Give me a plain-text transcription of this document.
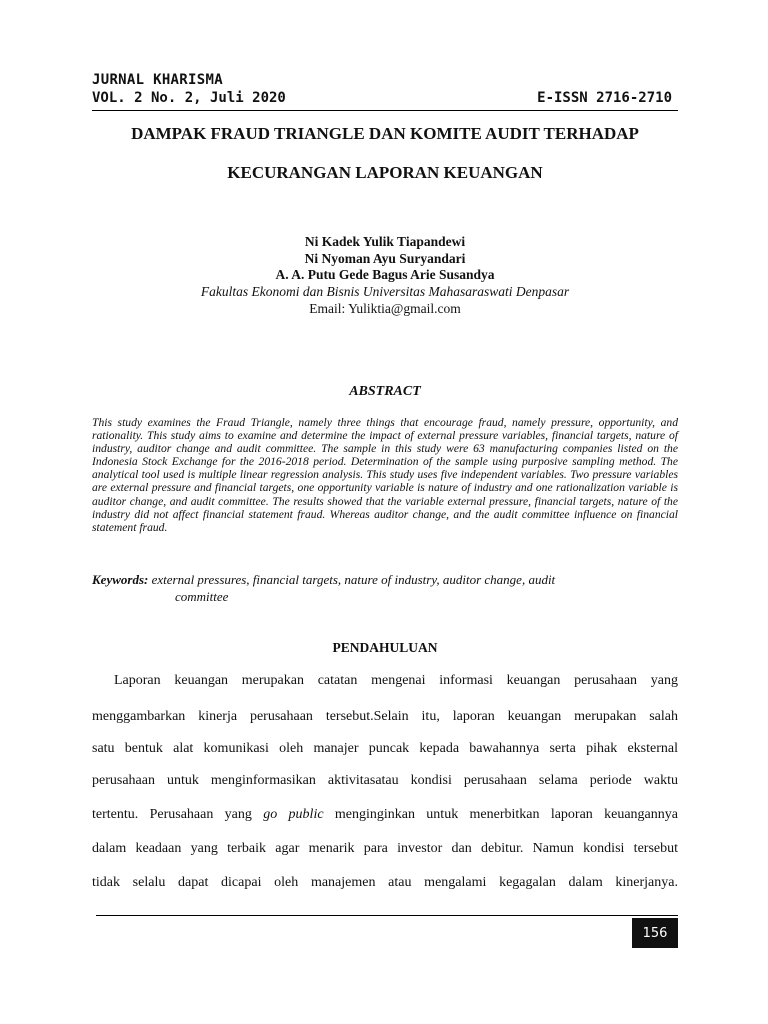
JURNAL KHARISMA
VOL. 2 No. 2, Juli 2020	E-ISSN 2716-2710
DAMPAK FRAUD TRIANGLE DAN KOMITE AUDIT TERHADAP
KECURANGAN LAPORAN KEUANGAN
Ni Kadek Yulik Tiapandewi
Ni Nyoman Ayu Suryandari
A. A. Putu Gede Bagus Arie Susandya
Fakultas Ekonomi dan Bisnis Universitas Mahasaraswati Denpasar
Email: Yuliktia@gmail.com
ABSTRACT

This study examines the Fraud Triangle, namely three things that encourage fraud, namely pressure, opportunity, and rationality. This study aims to examine and determine the impact of external pressure variables, financial targets, nature of industry, auditor change and audit committee. The sample in this study were 63 manufacturing companies listed on the Indonesia Stock Exchange for the 2016-2018 period. Determination of the sample using purposive sampling method. The analytical tool used is multiple linear regression analysis. This study uses five independent variables. Two pressure variables are external pressure and financial targets, one opportunity variable is nature of industry and one rationalization variable is auditor change, and audit committee. The results showed that the variable external pressure, financial targets, nature of the industry did not affect financial statement fraud. Whereas auditor change, and the audit committee influence on financial statement fraud.

Keywords: external pressures, financial targets, nature of industry, auditor change, audit
committee
PENDAHULUAN
Laporan keuangan merupakan catatan mengenai informasi keuangan perusahaan yang
menggambarkan kinerja perusahaan tersebut.Selain itu, laporan keuangan merupakan salah
satu bentuk alat komunikasi oleh manajer puncak kepada bawahannya serta pihak eksternal
perusahaan untuk menginformasikan aktivitasatau kondisi perusahaan selama periode waktu
tertentu. Perusahaan yang go public menginginkan untuk menerbitkan laporan keuangannya
dalam keadaan yang terbaik agar menarik para investor dan debitur. Namun kondisi tersebut
tidak selalu dapat dicapai oleh manajemen atau mengalami kegagalan dalam kinerjanya.
156
